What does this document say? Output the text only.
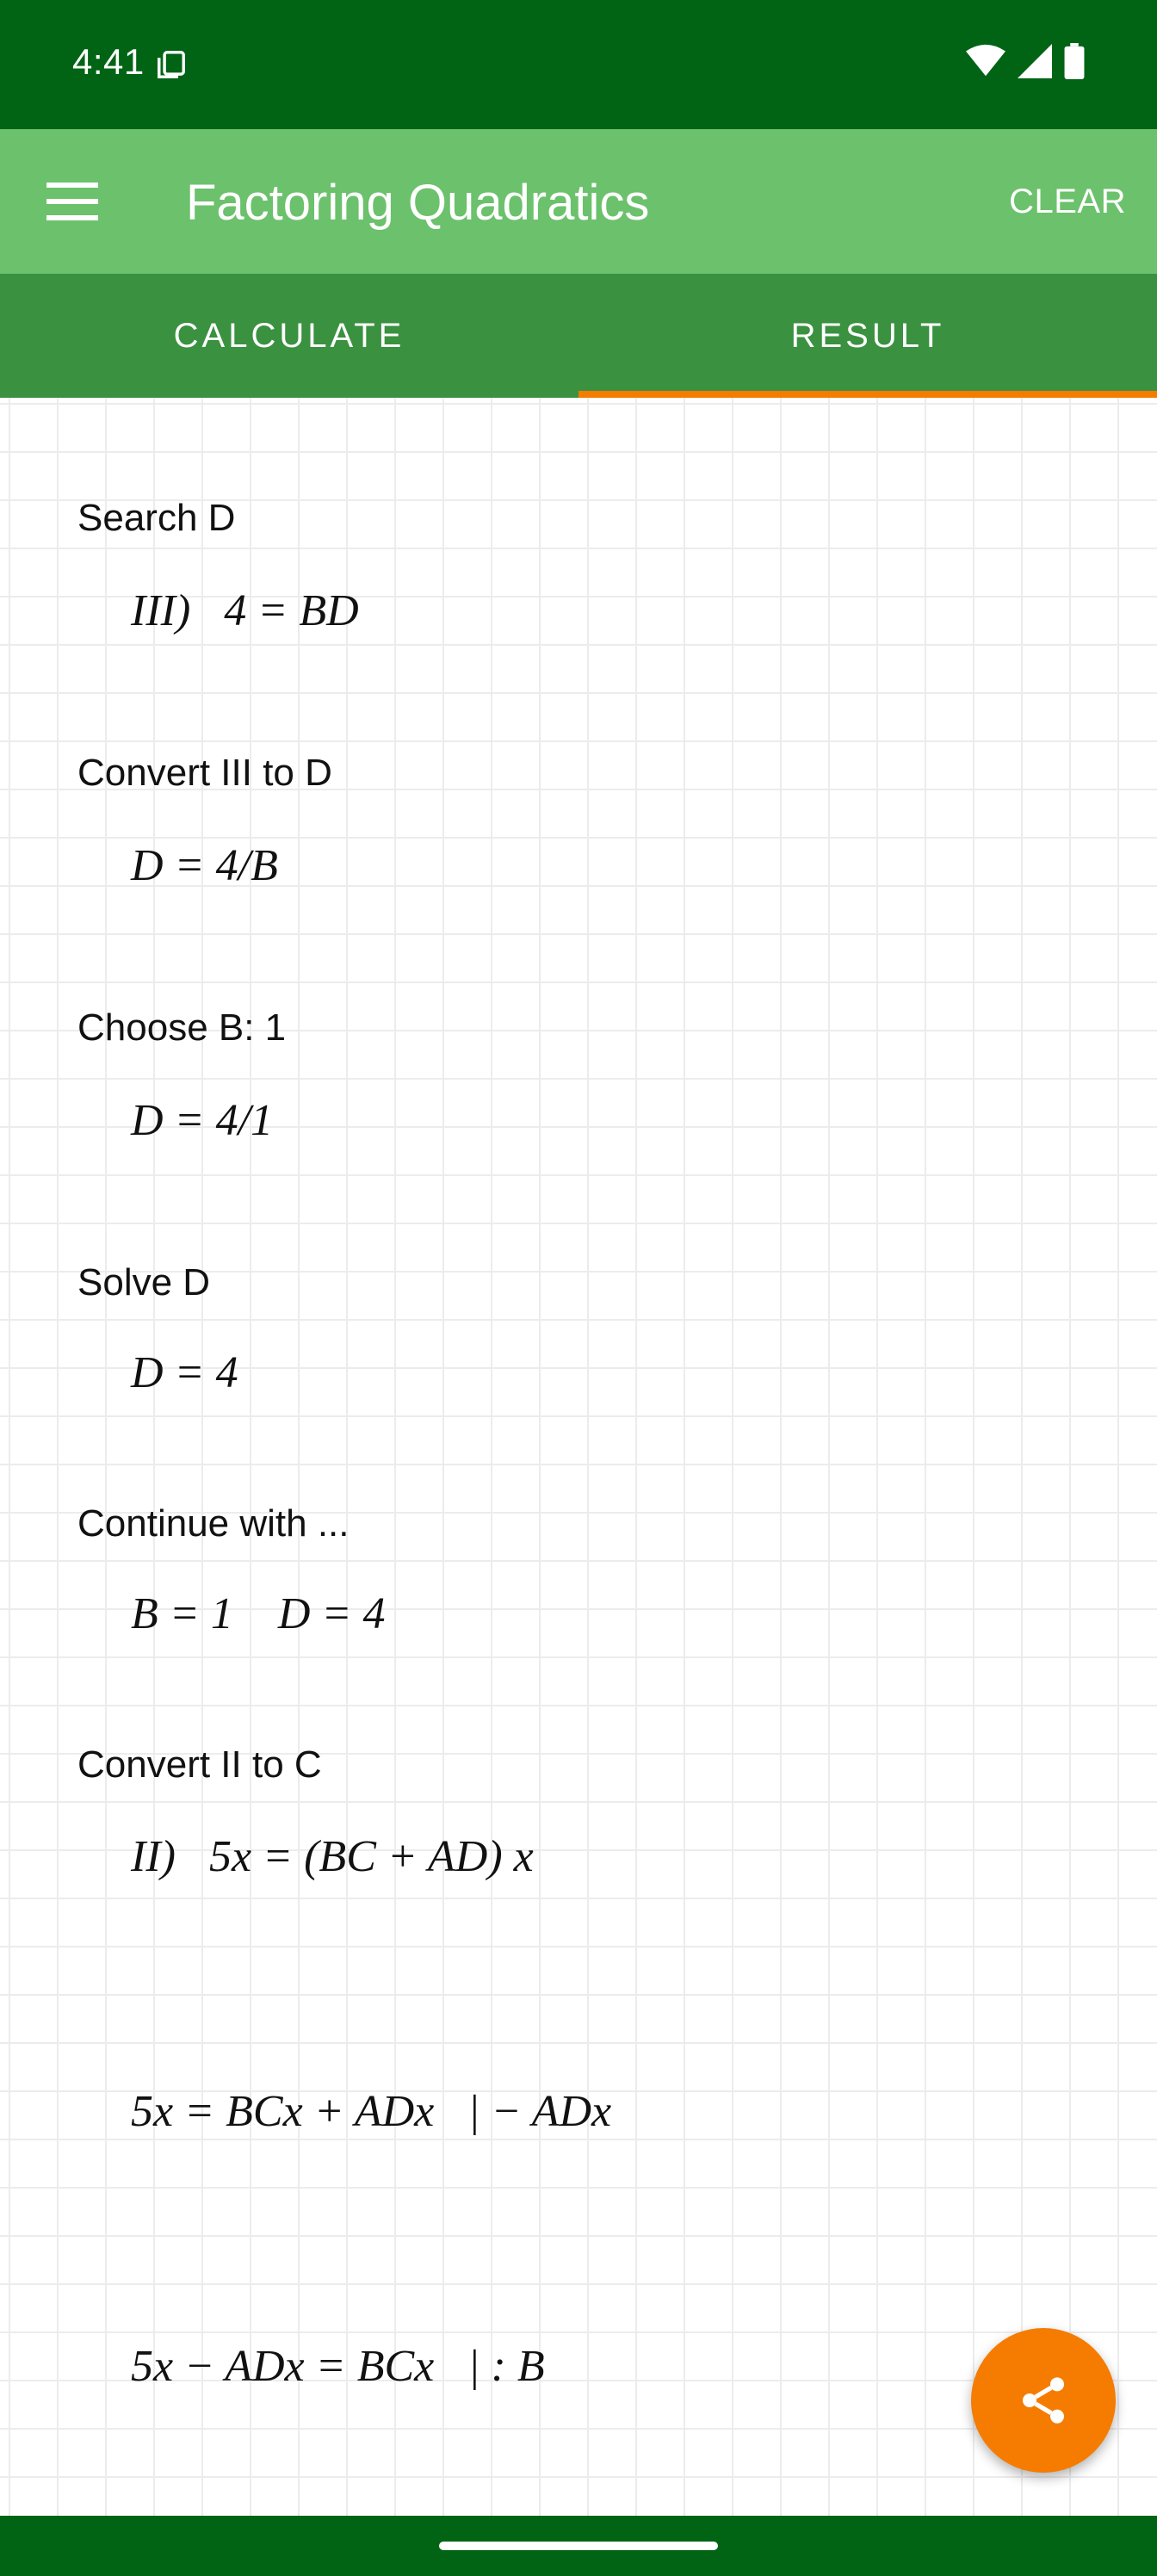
4:41
Factoring Quadratics	CLEAR
CALCULATE	RESULT
Search D
III)   4 = BD
Convert III to D
D = 4/B
Choose B: 1
D = 4/1
Solve D
D = 4
Continue with ...
B = 1    D = 4
Convert II to C
II)   5x = (BC + AD) x
5x = BCx + ADx   | − ADx
5x − ADx = BCx   | : B
